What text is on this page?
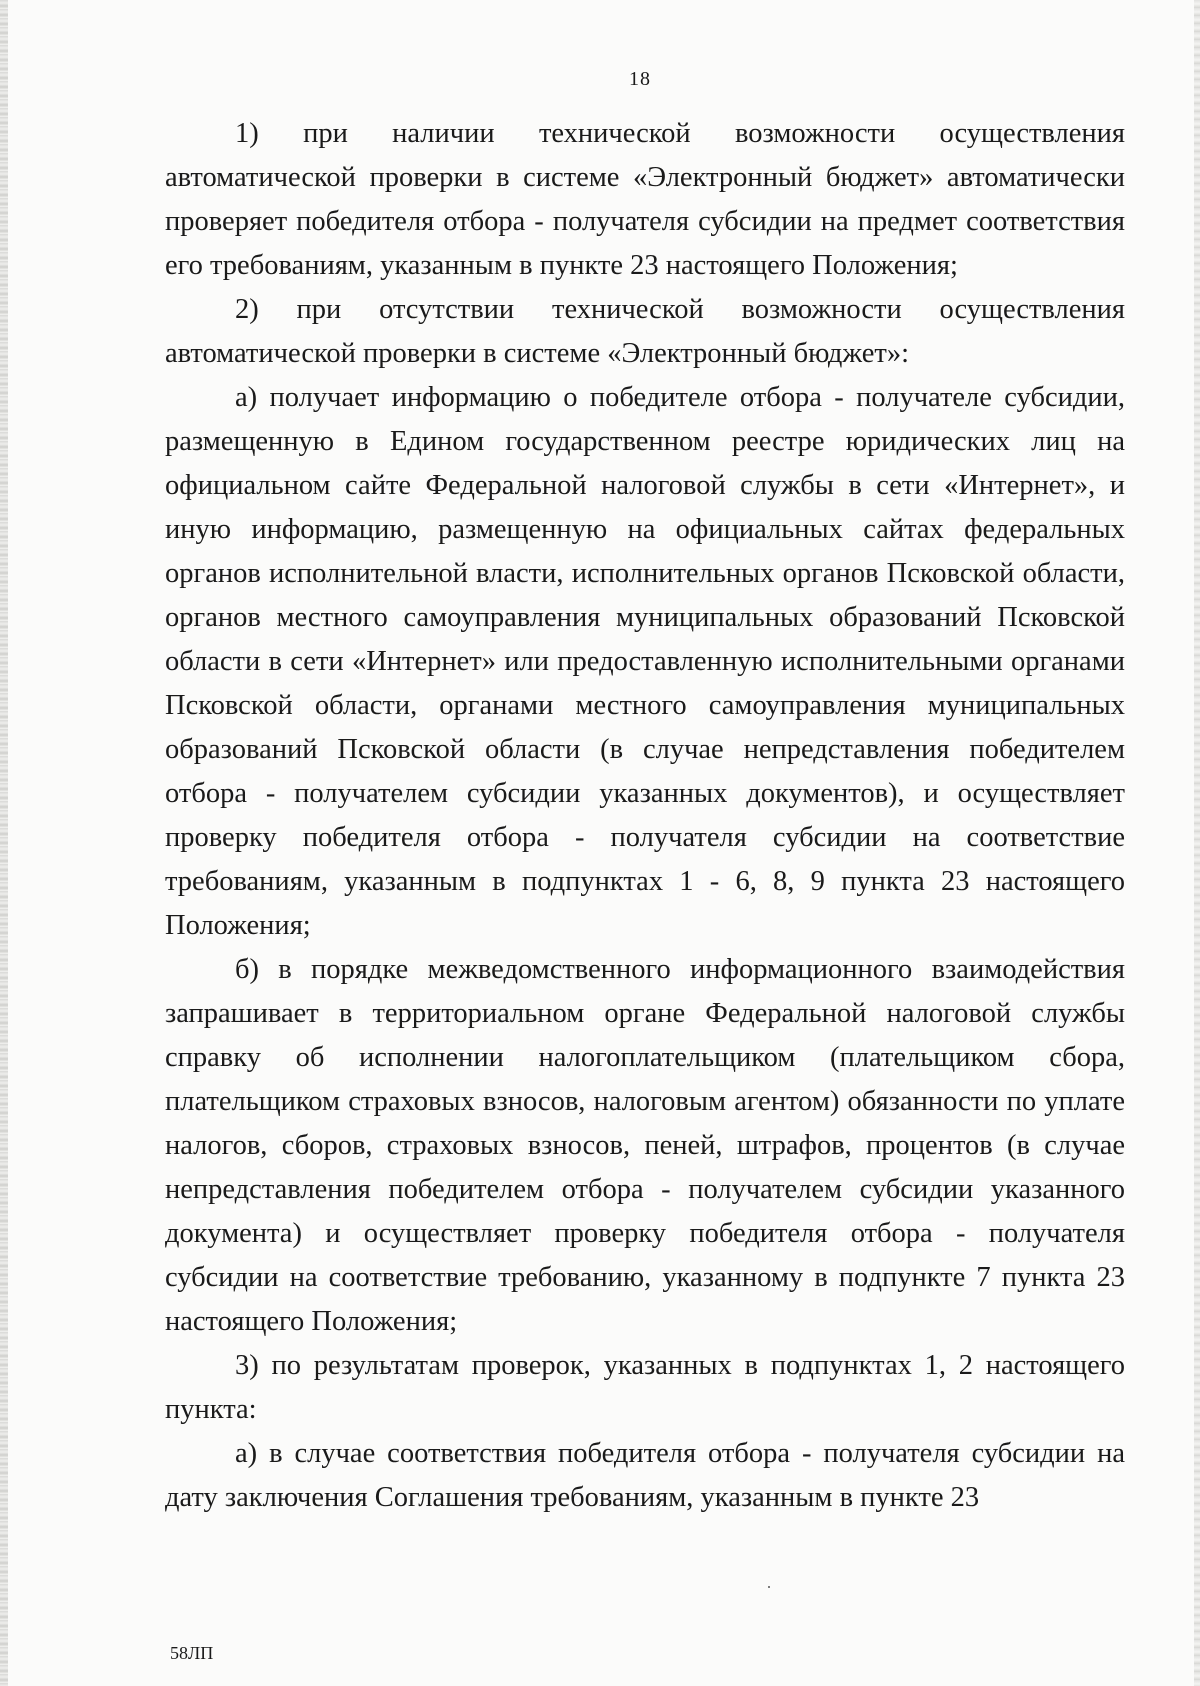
18

1) при наличии технической возможности осуществления автоматической проверки в системе «Электронный бюджет» автоматически проверяет победителя отбора - получателя субсидии на предмет соответствия его требованиям, указанным в пункте 23 настоящего Положения;

2) при отсутствии технической возможности осуществления автоматической проверки в системе «Электронный бюджет»:

а) получает информацию о победителе отбора - получателе субсидии, размещенную в Едином государственном реестре юридических лиц на официальном сайте Федеральной налоговой службы в сети «Интернет», и иную информацию, размещенную на официальных сайтах федеральных органов исполнительной власти, исполнительных органов Псковской области, органов местного самоуправления муниципальных образований Псковской области в сети «Интернет» или предоставленную исполнительными органами Псковской области, органами местного самоуправления муниципальных образований Псковской области (в случае непредставления победителем отбора - получателем субсидии указанных документов), и осуществляет проверку победителя отбора - получателя субсидии на соответствие требованиям, указанным в подпунктах 1 - 6, 8, 9 пункта 23 настоящего Положения;

б) в порядке межведомственного информационного взаимодействия запрашивает в территориальном органе Федеральной налоговой службы справку об исполнении налогоплательщиком (плательщиком сбора, плательщиком страховых взносов, налоговым агентом) обязанности по уплате налогов, сборов, страховых взносов, пеней, штрафов, процентов (в случае непредставления победителем отбора - получателем субсидии указанного документа) и осуществляет проверку победителя отбора - получателя субсидии на соответствие требованию, указанному в подпункте 7 пункта 23 настоящего Положения;

3) по результатам проверок, указанных в подпунктах 1, 2 настоящего пункта:

а) в случае соответствия победителя отбора - получателя субсидии на дату заключения Соглашения требованиям, указанным в пункте 23

58ЛП
